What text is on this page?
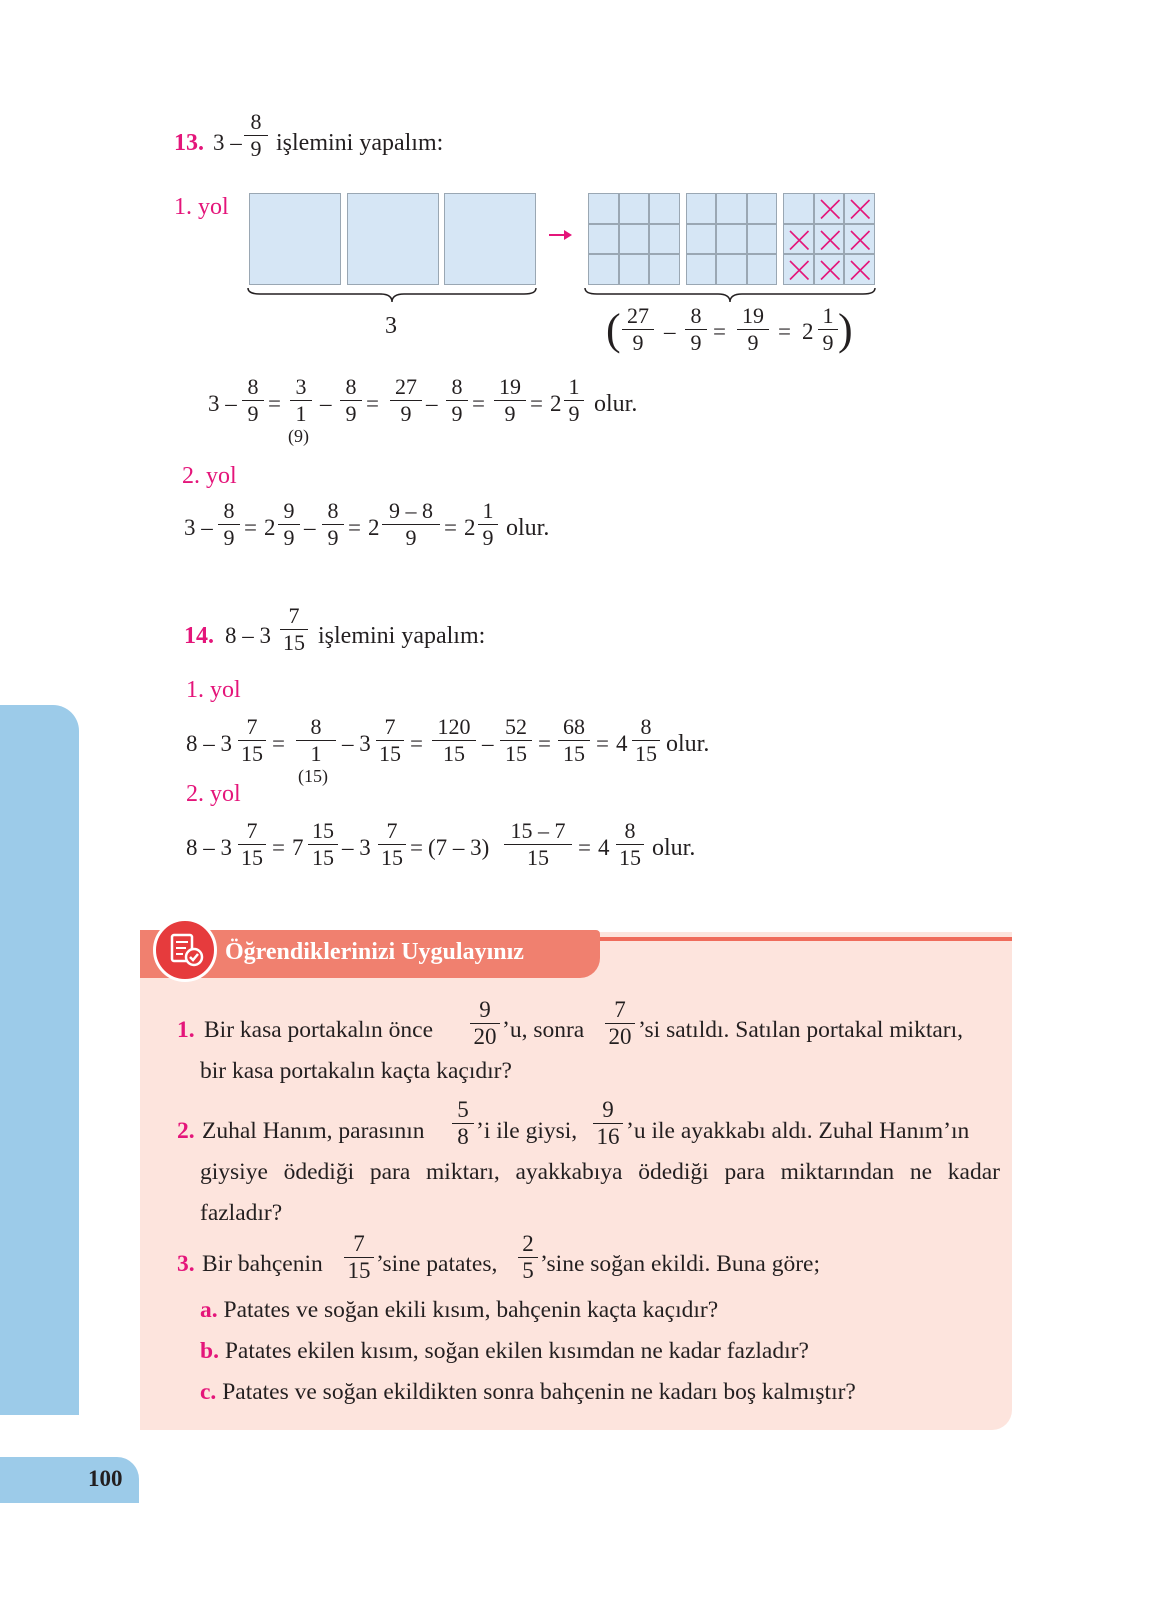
100
13. 3 –
8
9 işlemini yapalım:
1. yol
3	( 27
9 –
8
9 =
19
9 = 2
1
9 )
3 –
8
9 =
3
1
(9)
–
8
9 =
27
9 –
8
9 =
19
9 = 2
1
9 olur.
2. yol
3 –
8
9 = 2
9
9 –
8
9 = 2
9 – 8
9	= 2
1
9 olur.
14. 8 – 3
7
15 işlemini yapalım:
1. yol
8 – 3
7
15 =
8
1
(15)
– 3
7
15 =
120
15 –
52
15 =
68
15 = 4
8
15 olur.
2. yol
8 – 3
7
15 = 7
15
15 – 3
7
15 = (7 – 3)
15 – 7
15	= 4
8
15 olur.
Öğrendiklerinizi Uygulayınız
1. Bir kasa portakalın önce
9
20 ’u, sonra
7
20 ’si satıldı. Satılan portakal miktarı,
bir kasa portakalın kaçta kaçıdır?
2. Zuhal Hanım, parasının
5
8 ’i ile giysi,
9
16 ’u ile ayakkabı aldı. Zuhal Hanım’ın
giysiye ödediği para miktarı, ayakkabıya ödediği para miktarından ne kadar
fazladır?
3. Bir bahçenin
7
15 ’sine patates,
2
5 ’sine soğan ekildi. Buna göre;
a. Patates ve soğan ekili kısım, bahçenin kaçta kaçıdır?
b. Patates ekilen kısım, soğan ekilen kısımdan ne kadar fazladır?
c. Patates ve soğan ekildikten sonra bahçenin ne kadarı boş kalmıştır?
